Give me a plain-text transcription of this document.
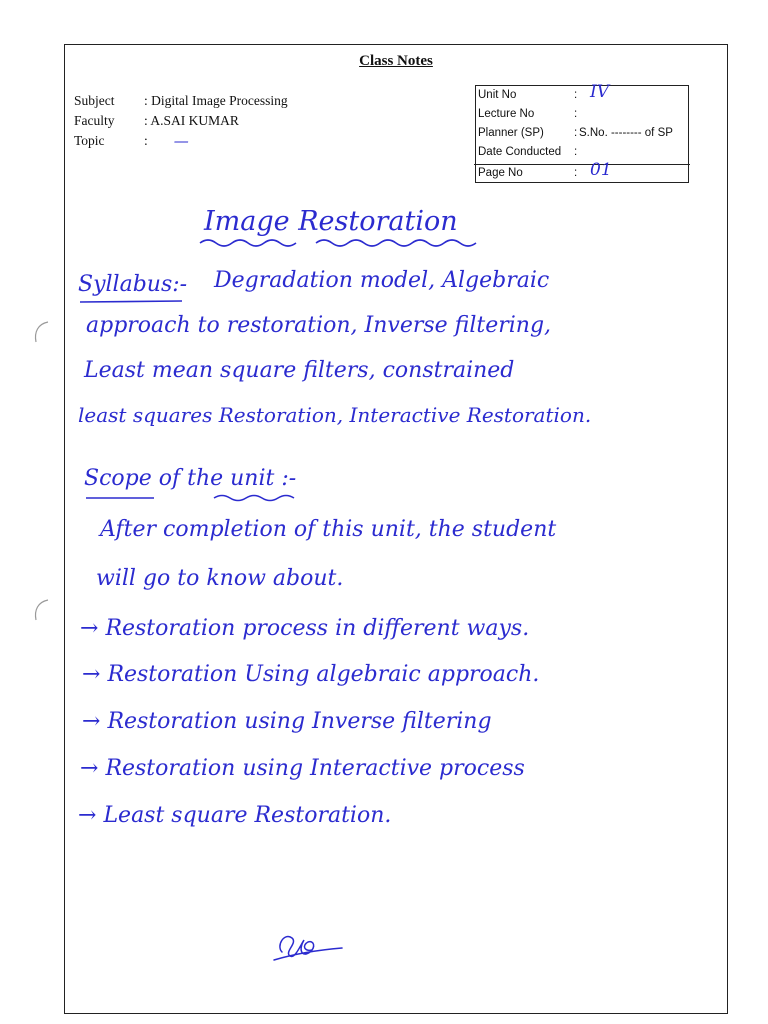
Class Notes
Subject	: Digital Image Processing
Faculty	: A.SAI KUMAR
Topic	: —
Unit No	: IV
Lecture No	:
Planner (SP)	: S.No. -------- of SP
Date Conducted :
Page No	: 01
Image Restoration
Syllabus:- Degradation model, Algebraic
approach to restoration, Inverse filtering,
Least mean square filters, constrained
least squares Restoration, Interactive Restoration.
Scope of the unit :-
After completion of this unit, the student
will go to know about.
→ Restoration process in different ways.
→ Restoration Using algebraic approach.
→ Restoration using Inverse filtering
→ Restoration using Interactive process
→ Least square Restoration.
